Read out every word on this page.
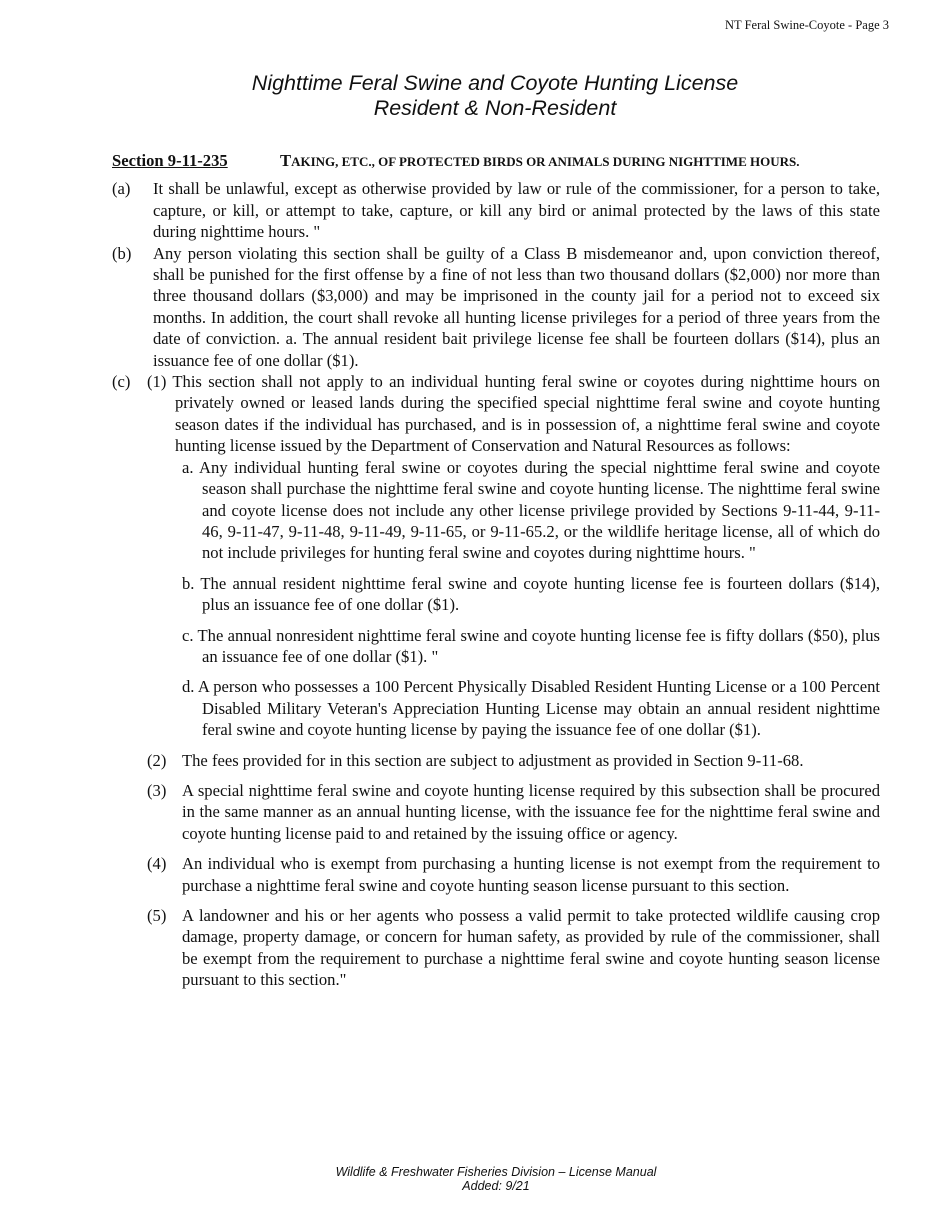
NT Feral Swine-Coyote - Page 3
Nighttime Feral Swine and Coyote Hunting License
Resident & Non-Resident
Section 9-11-235	TAKING, ETC., OF PROTECTED BIRDS OR ANIMALS DURING NIGHTTIME HOURS.
(a) It shall be unlawful, except as otherwise provided by law or rule of the commissioner, for a person to take, capture, or kill, or attempt to take, capture, or kill any bird or animal protected by the laws of this state during nighttime hours. "
(b) Any person violating this section shall be guilty of a Class B misdemeanor and, upon conviction thereof, shall be punished for the first offense by a fine of not less than two thousand dollars ($2,000) nor more than three thousand dollars ($3,000) and may be imprisoned in the county jail for a period not to exceed six months. In addition, the court shall revoke all hunting license privileges for a period of three years from the date of conviction. a. The annual resident bait privilege license fee shall be fourteen dollars ($14), plus an issuance fee of one dollar ($1).
(c) (1) This section shall not apply to an individual hunting feral swine or coyotes during nighttime hours on privately owned or leased lands during the specified special nighttime feral swine and coyote hunting season dates if the individual has purchased, and is in possession of, a nighttime feral swine and coyote hunting license issued by the Department of Conservation and Natural Resources as follows:
a. Any individual hunting feral swine or coyotes during the special nighttime feral swine and coyote season shall purchase the nighttime feral swine and coyote hunting license. The nighttime feral swine and coyote license does not include any other license privilege provided by Sections 9-11-44, 9-11-46, 9-11-47, 9-11-48, 9-11-49, 9-11-65, or 9-11-65.2, or the wildlife heritage license, all of which do not include privileges for hunting feral swine and coyotes during nighttime hours. "
b. The annual resident nighttime feral swine and coyote hunting license fee is fourteen dollars ($14), plus an issuance fee of one dollar ($1).
c. The annual nonresident nighttime feral swine and coyote hunting license fee is fifty dollars ($50), plus an issuance fee of one dollar ($1). "
d. A person who possesses a 100 Percent Physically Disabled Resident Hunting License or a 100 Percent Disabled Military Veteran's Appreciation Hunting License may obtain an annual resident nighttime feral swine and coyote hunting license by paying the issuance fee of one dollar ($1).
(2) The fees provided for in this section are subject to adjustment as provided in Section 9-11-68.
(3) A special nighttime feral swine and coyote hunting license required by this subsection shall be procured in the same manner as an annual hunting license, with the issuance fee for the nighttime feral swine and coyote hunting license paid to and retained by the issuing office or agency.
(4) An individual who is exempt from purchasing a hunting license is not exempt from the requirement to purchase a nighttime feral swine and coyote hunting season license pursuant to this section.
(5) A landowner and his or her agents who possess a valid permit to take protected wildlife causing crop damage, property damage, or concern for human safety, as provided by rule of the commissioner, shall be exempt from the requirement to purchase a nighttime feral swine and coyote hunting season license pursuant to this section."
Wildlife & Freshwater Fisheries Division – License Manual
Added: 9/21
